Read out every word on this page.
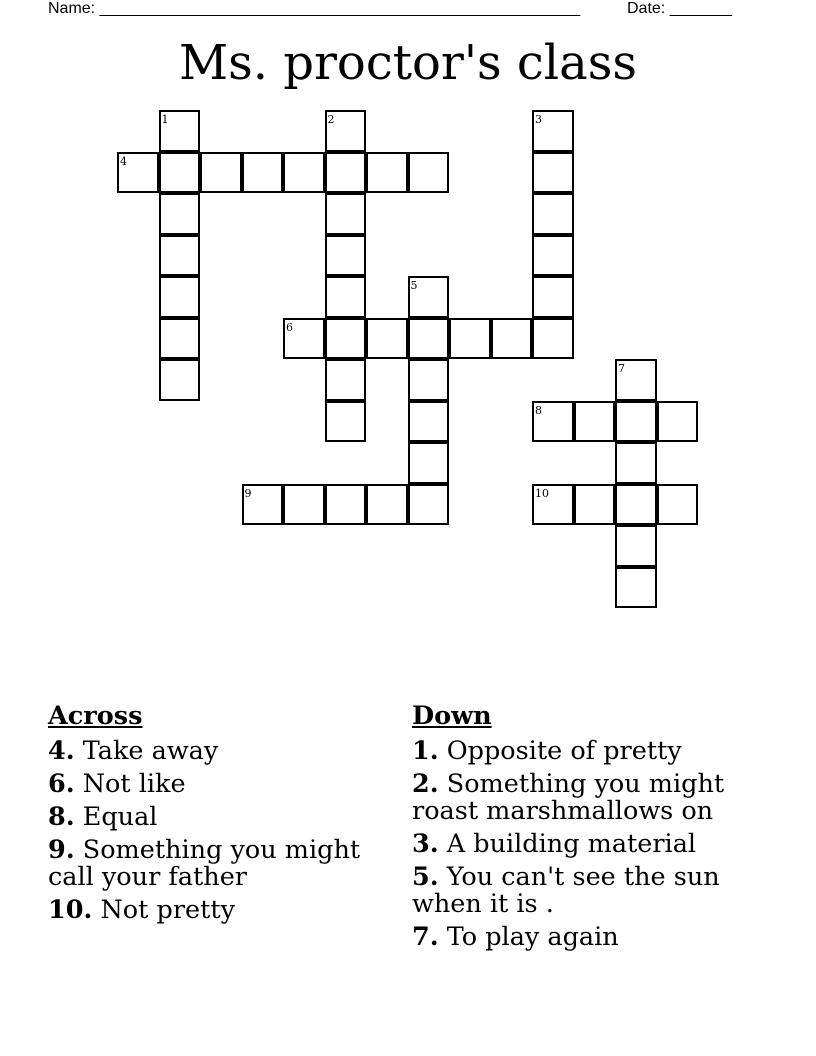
Name: ______________________________________________________	Date: _______
Ms. proctor's class
1	2	3
4
5
6
7
8
9	10
Across
4. Take away
6. Not like
8. Equal
9. Something you might call your father
10. Not pretty
Down
1. Opposite of pretty
2. Something you might roast marshmallows on
3. A building material
5. You can't see the sun when it is .
7. To play again
